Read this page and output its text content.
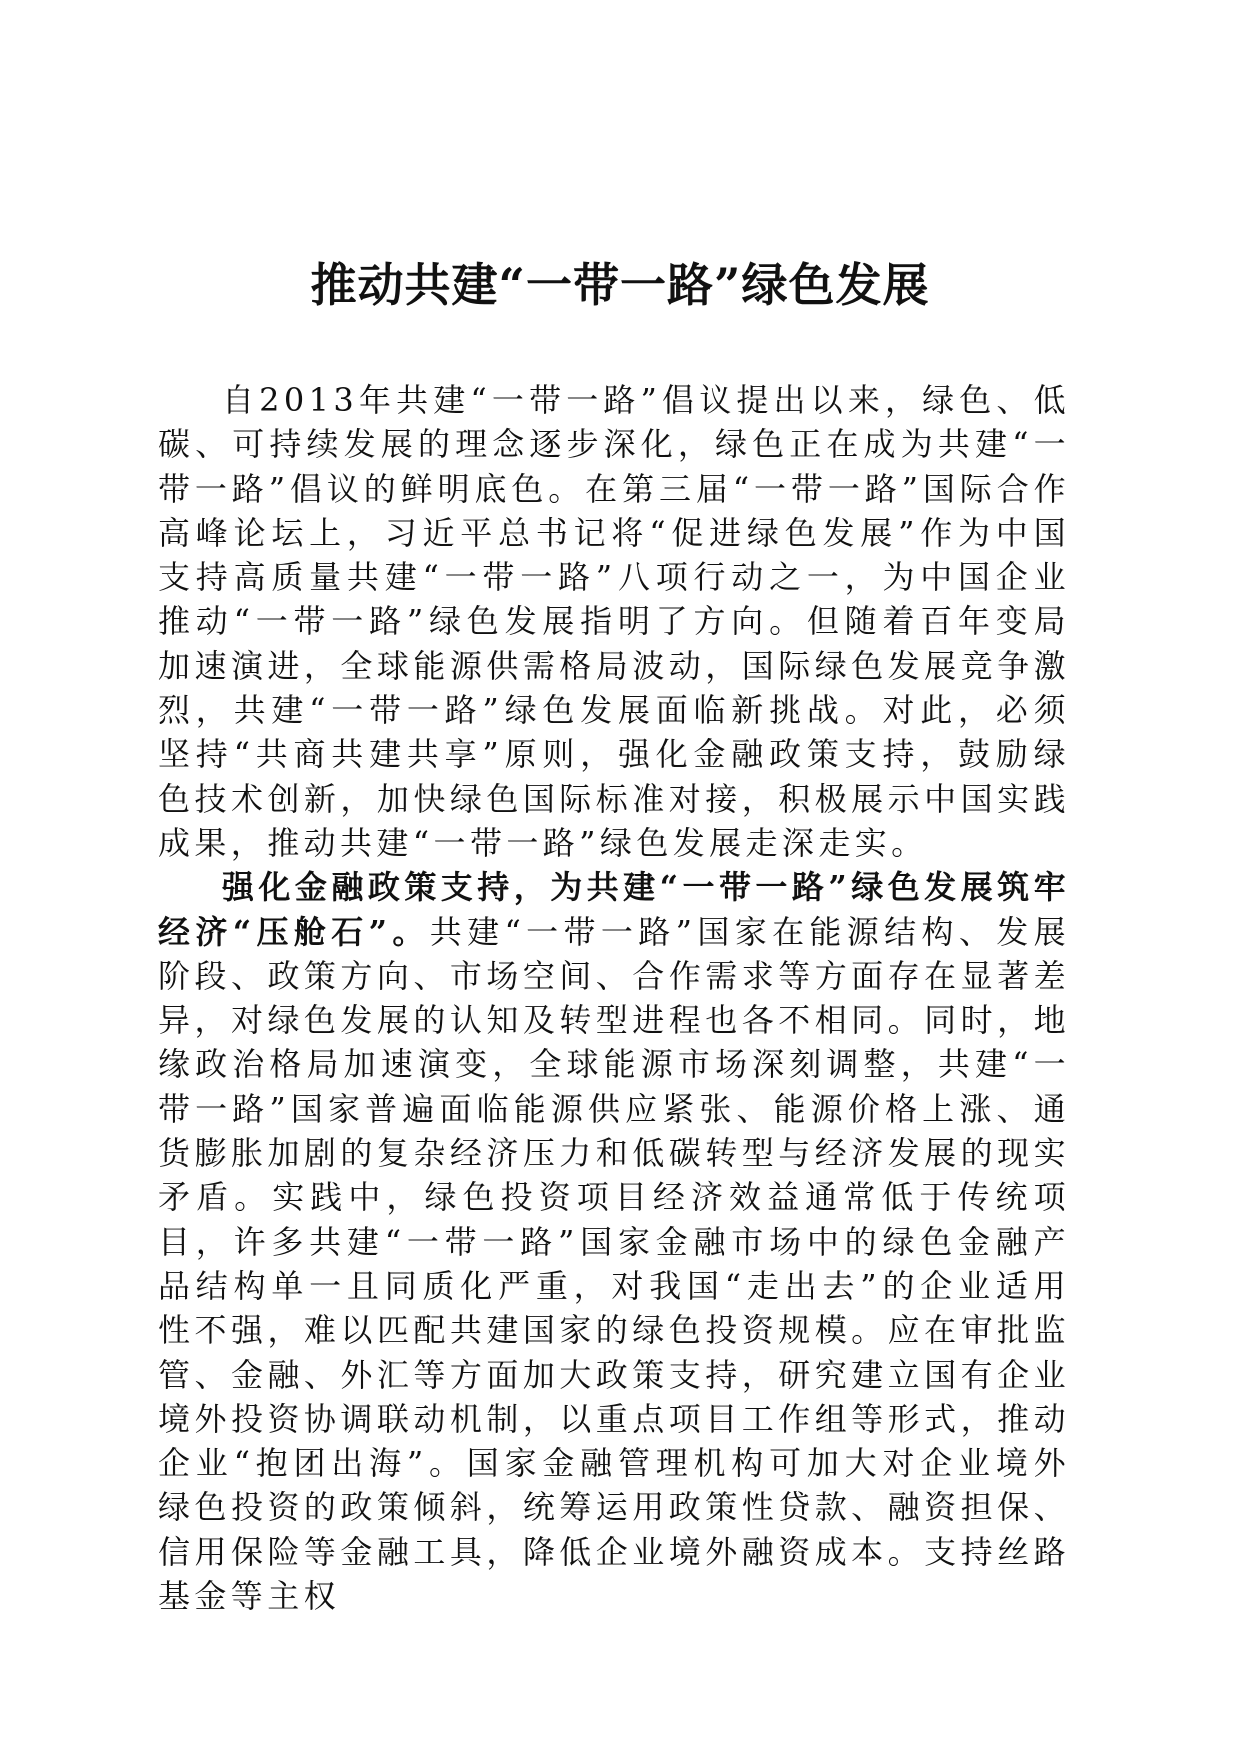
推动共建“一带一路”绿色发展

自2013年共建“一带一路”倡议提出以来，绿色、低碳、可持续发展的理念逐步深化，绿色正在成为共建“一带一路”倡议的鲜明底色。在第三届“一带一路”国际合作高峰论坛上，习近平总书记将“促进绿色发展”作为中国支持高质量共建“一带一路”八项行动之一，为中国企业推动“一带一路”绿色发展指明了方向。但随着百年变局加速演进，全球能源供需格局波动，国际绿色发展竞争激烈，共建“一带一路”绿色发展面临新挑战。对此，必须坚持“共商共建共享”原则，强化金融政策支持，鼓励绿色技术创新，加快绿色国际标准对接，积极展示中国实践成果，推动共建“一带一路”绿色发展走深走实。

强化金融政策支持，为共建“一带一路”绿色发展筑牢经济“压舱石”。共建“一带一路”国家在能源结构、发展阶段、政策方向、市场空间、合作需求等方面存在显著差异，对绿色发展的认知及转型进程也各不相同。同时，地缘政治格局加速演变，全球能源市场深刻调整，共建“一带一路”国家普遍面临能源供应紧张、能源价格上涨、通货膨胀加剧的复杂经济压力和低碳转型与经济发展的现实矛盾。实践中，绿色投资项目经济效益通常低于传统项目，许多共建“一带一路”国家金融市场中的绿色金融产品结构单一且同质化严重，对我国“走出去”的企业适用性不强，难以匹配共建国家的绿色投资规模。应在审批监管、金融、外汇等方面加大政策支持，研究建立国有企业境外投资协调联动机制，以重点项目工作组等形式，推动企业“抱团出海”。国家金融管理机构可加大对企业境外绿色投资的政策倾斜，统筹运用政策性贷款、融资担保、信用保险等金融工具，降低企业境外融资成本。支持丝路基金等主权
